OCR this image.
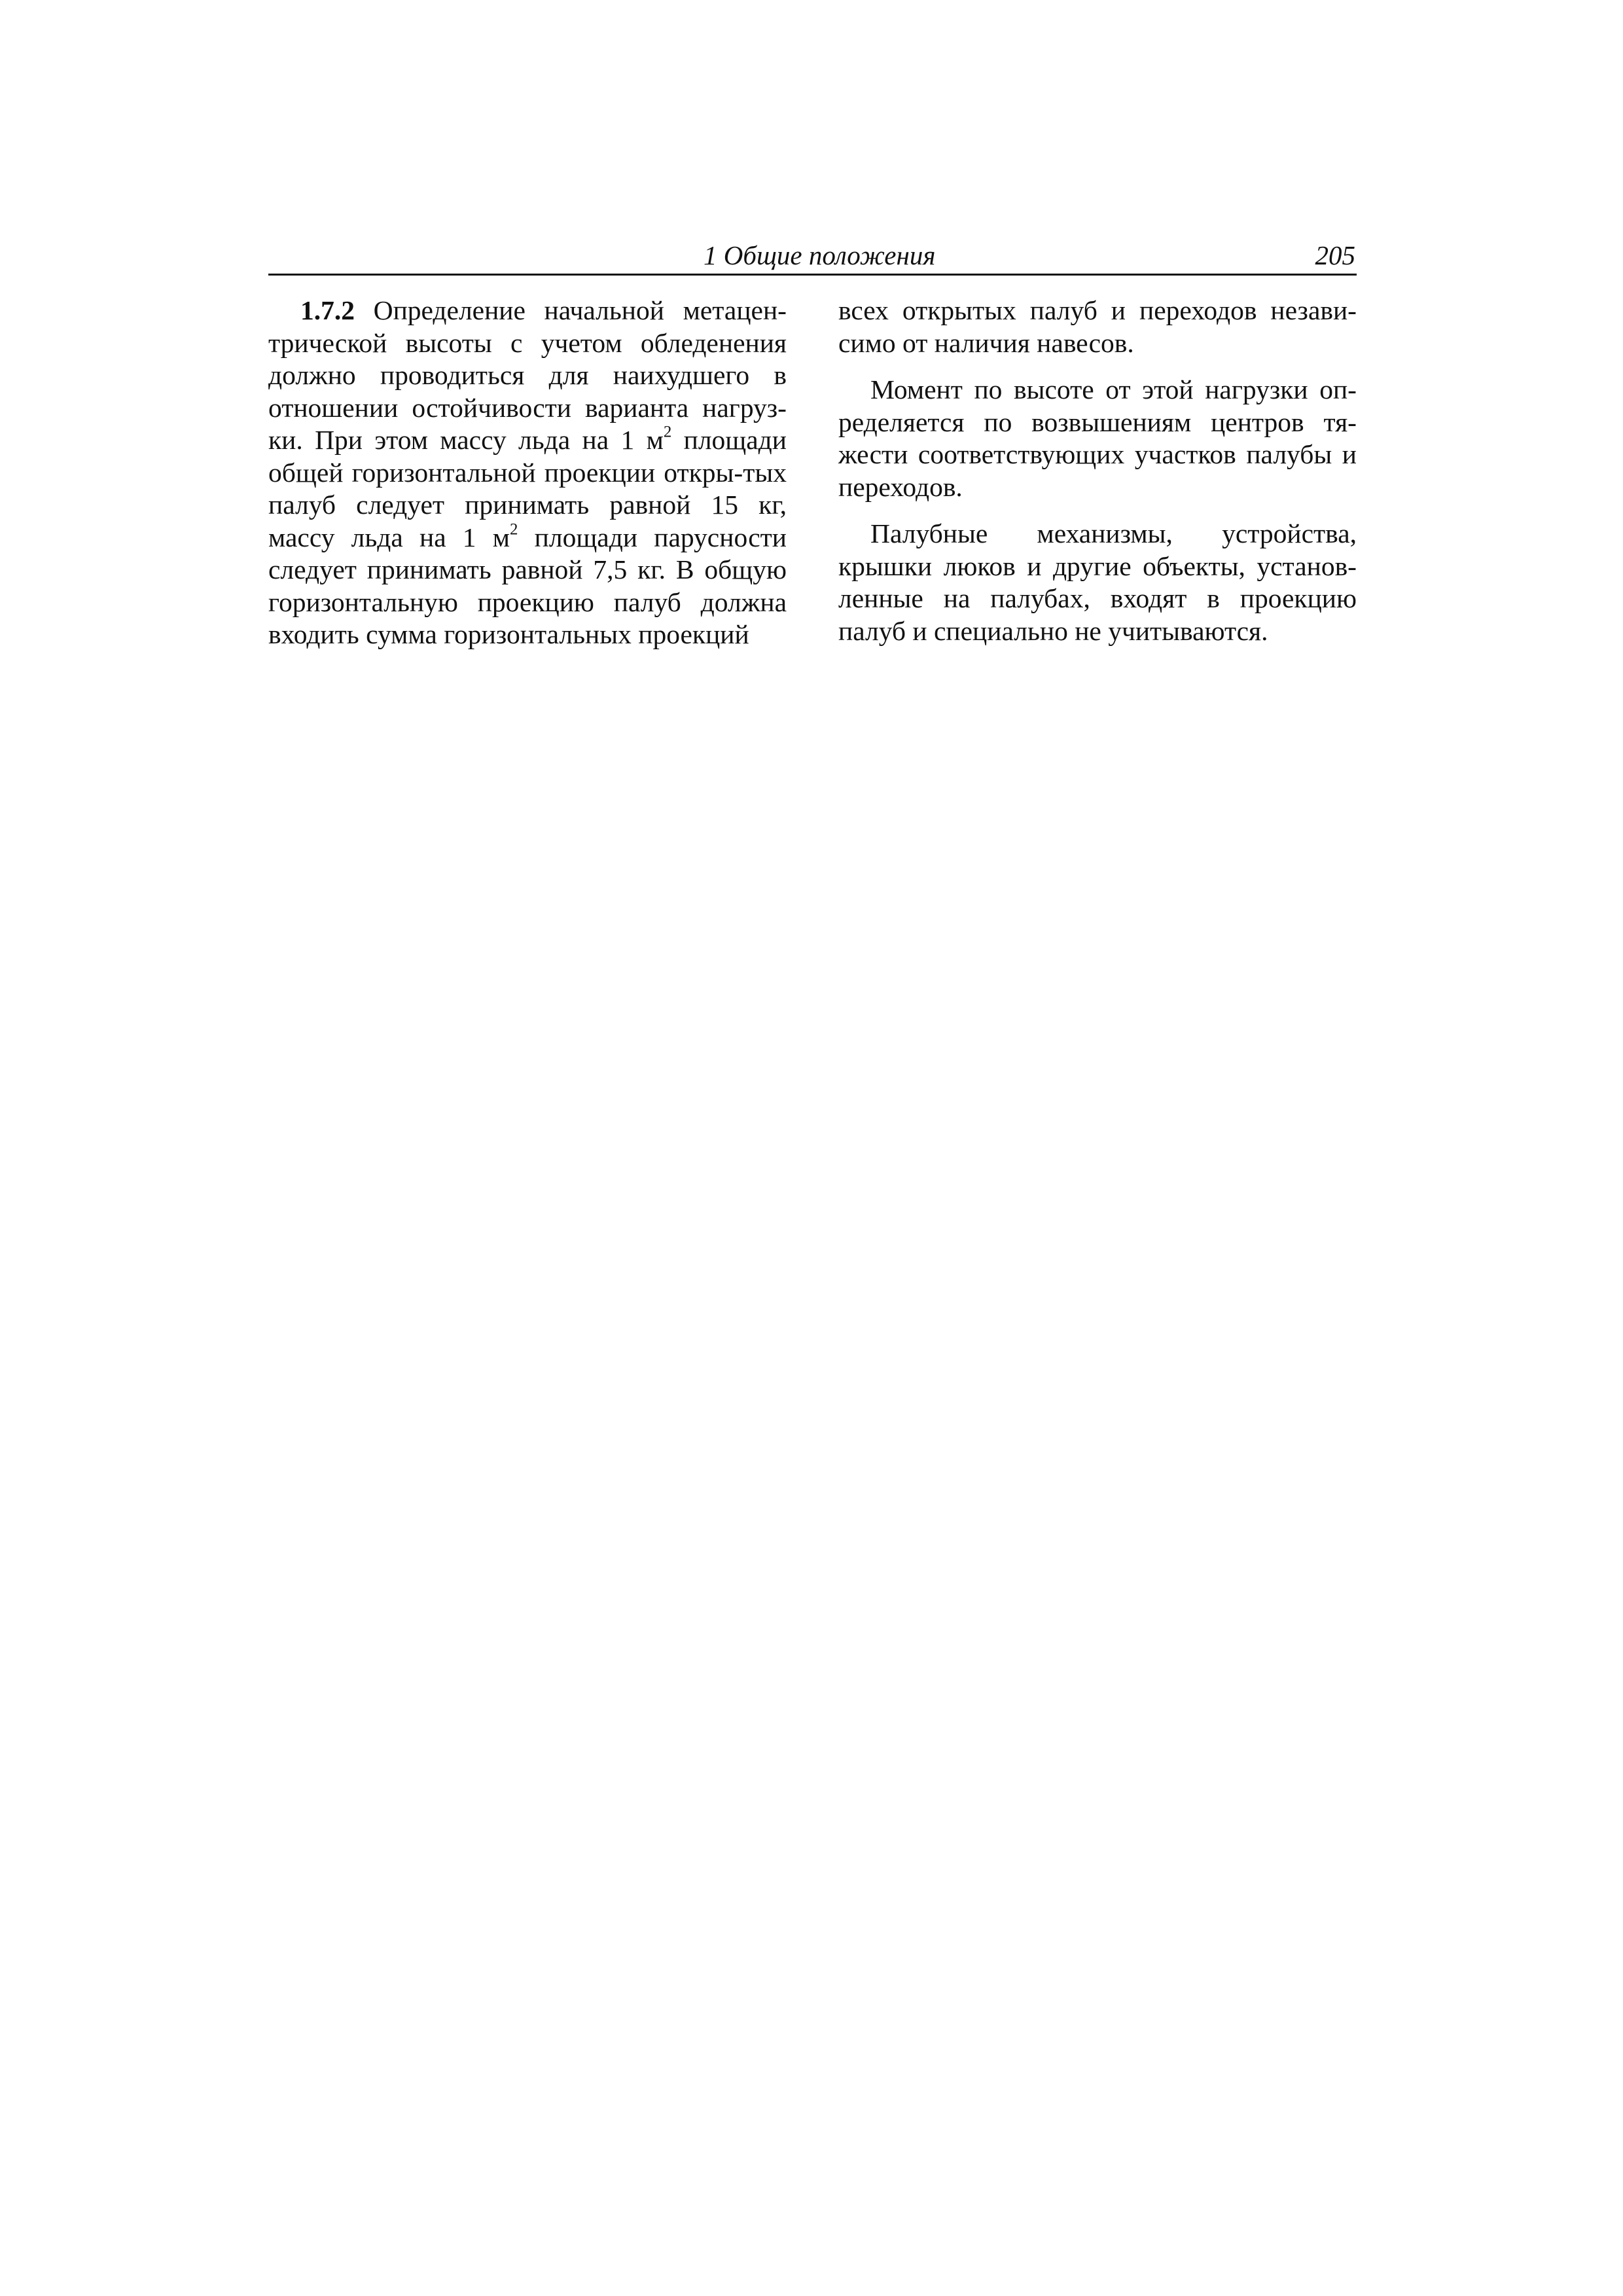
1 Общие положения	205

1.7.2 Определение начальной метацен-трической высоты с учетом обледенения должно проводиться для наихудшего в отношении остойчивости варианта нагруз-ки. При этом массу льда на 1 $м^2$ площади общей горизонтальной проекции откры-тых палуб следует принимать равной 15 кг, массу льда на 1 $м^2$ площади парусности следует принимать равной 7,5 кг. В общую горизонтальную проекцию палуб должна входить сумма горизонтальных проекций

всех открытых палуб и переходов незави-симо от наличия навесов.

Момент по высоте от этой нагрузки оп-ределяется по возвышениям центров тя-жести соответствующих участков палубы и переходов.

Палубные механизмы, устройства, крышки люков и другие объекты, установ-ленные на палубах, входят в проекцию палуб и специально не учитываются.
